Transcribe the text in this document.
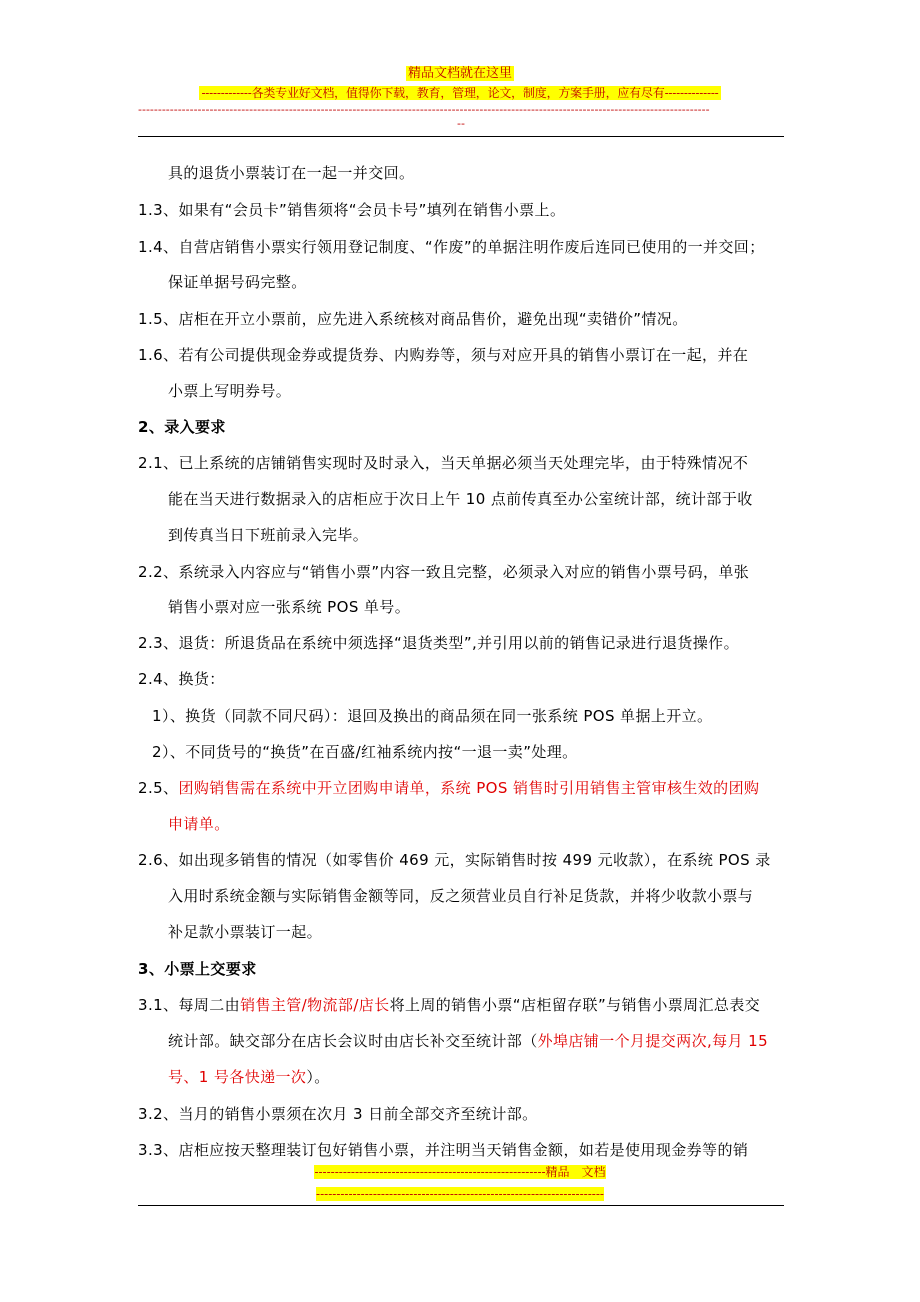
精品文档就在这里
-------------各类专业好文档，值得你下载，教育，管理，论文，制度，方案手册，应有尽有--------------
------------------------------------------------------------------------------------------------------------------------------------------------
--
具的退货小票装订在一起一并交回。
1.3、如果有“会员卡”销售须将“会员卡号”填列在销售小票上。
1.4、自营店销售小票实行领用登记制度、“作废”的单据注明作废后连同已使用的一并交回；
保证单据号码完整。
1.5、店柜在开立小票前，应先进入系统核对商品售价，避免出现“卖错价”情况。
1.6、若有公司提供现金券或提货券、内购券等，须与对应开具的销售小票订在一起，并在
小票上写明券号。
2、录入要求
2.1、已上系统的店铺销售实现时及时录入，当天单据必须当天处理完毕，由于特殊情况不
能在当天进行数据录入的店柜应于次日上午 10 点前传真至办公室统计部，统计部于收
到传真当日下班前录入完毕。
2.2、系统录入内容应与“销售小票”内容一致且完整，必须录入对应的销售小票号码，单张
销售小票对应一张系统 POS 单号。
2.3、退货：所退货品在系统中须选择“退货类型”,并引用以前的销售记录进行退货操作。
2.4、换货：
1）、换货（同款不同尺码）：退回及换出的商品须在同一张系统 POS 单据上开立。
2）、不同货号的“换货”在百盛/红袖系统内按“一退一卖”处理。
2.5、团购销售需在系统中开立团购申请单，系统 POS 销售时引用销售主管审核生效的团购
申请单。
2.6、如出现多销售的情况（如零售价 469 元，实际销售时按 499 元收款），在系统 POS 录
入用时系统金额与实际销售金额等同，反之须营业员自行补足货款，并将少收款小票与
补足款小票装订一起。
3、小票上交要求
3.1、每周二由销售主管/物流部/店长将上周的销售小票“店柜留存联”与销售小票周汇总表交
统计部。缺交部分在店长会议时由店长补交至统计部（外埠店铺一个月提交两次,每月 15
号、1 号各快递一次）。
3.2、当月的销售小票须在次月 3 日前全部交齐至统计部。
3.3、店柜应按天整理装订包好销售小票，并注明当天销售金额，如若是使用现金券等的销
---------------------------------------------------------精品　文档
-----------------------------------------------------------------------
